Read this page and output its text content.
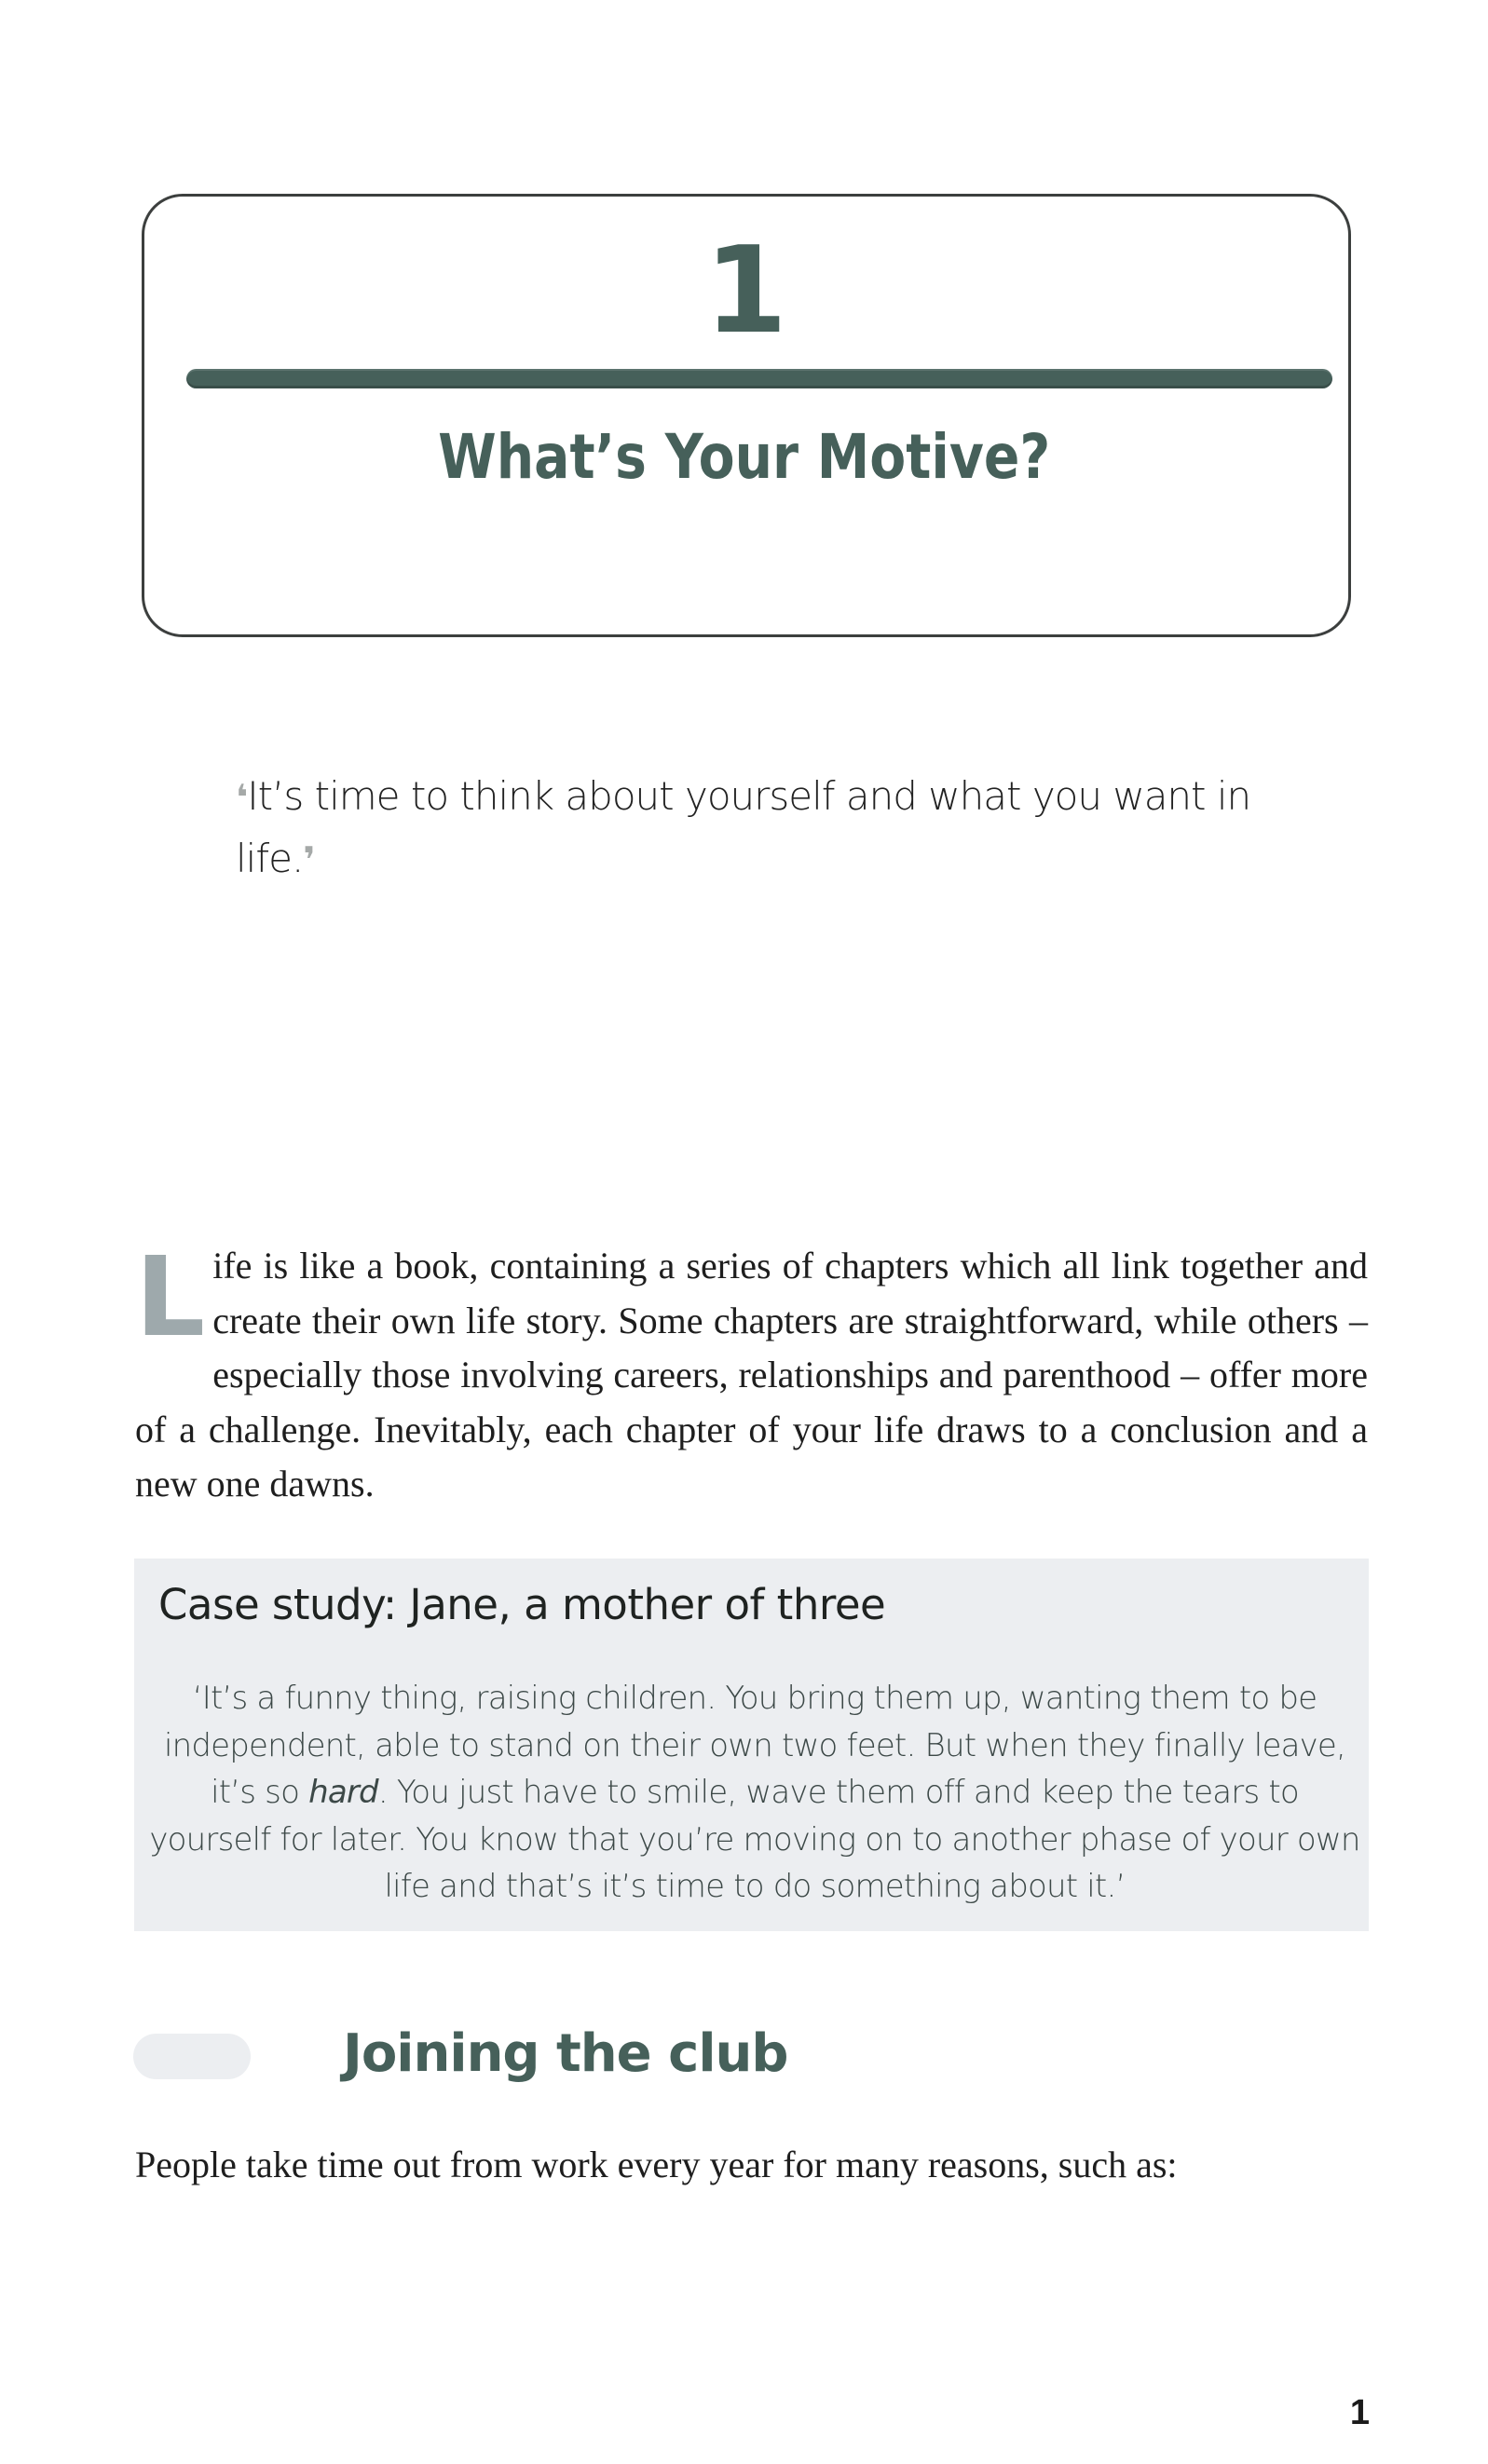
1
What’s Your Motive?
❛It’s time to think about yourself and what you want in life.❜
Life is like a book, containing a series of chapters which all link together and create their own life story. Some chapters are straightforward, while others – especially those involving careers, relationships and parenthood – offer more of a challenge. Inevitably, each chapter of your life draws to a conclusion and a new one dawns.
Case study: Jane, a mother of three
‘It’s a funny thing, raising children. You bring them up, wanting them to be independent, able to stand on their own two feet. But when they finally leave, it’s so hard. You just have to smile, wave them off and keep the tears to yourself for later. You know that you’re moving on to another phase of your own life and that’s it’s time to do something about it.’
Joining the club
People take time out from work every year for many reasons, such as:
1
